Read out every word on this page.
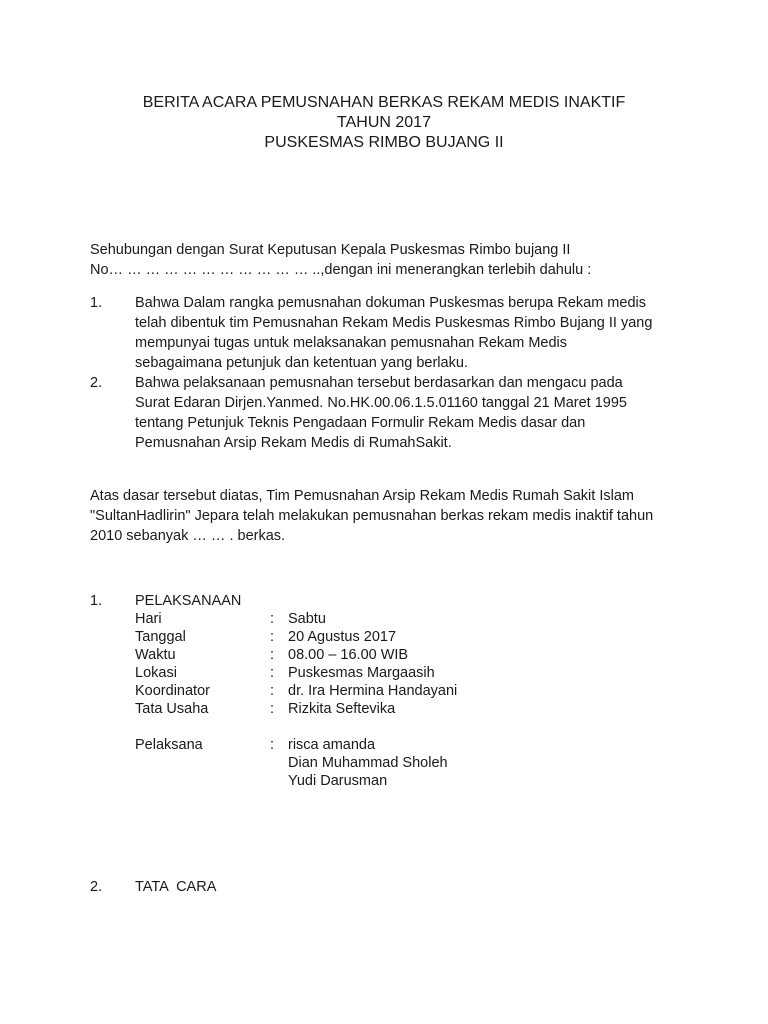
BERITA ACARA PEMUSNAHAN BERKAS REKAM MEDIS INAKTIF
TAHUN 2017
PUSKESMAS RIMBO BUJANG II
Sehubungan dengan Surat Keputusan Kepala Puskesmas Rimbo bujang II
No… … … … … … … … … … … ..,dengan ini menerangkan terlebih dahulu :
1. Bahwa Dalam rangka pemusnahan dokuman Puskesmas berupa Rekam medis
telah dibentuk tim Pemusnahan Rekam Medis Puskesmas Rimbo Bujang II yang
mempunyai tugas untuk melaksanakan pemusnahan Rekam Medis
sebagaimana petunjuk dan ketentuan yang berlaku.
2. Bahwa pelaksanaan pemusnahan tersebut berdasarkan dan mengacu pada
Surat Edaran Dirjen.Yanmed. No.HK.00.06.1.5.01160 tanggal 21 Maret 1995
tentang Petunjuk Teknis Pengadaan Formulir Rekam Medis dasar dan
Pemusnahan Arsip Rekam Medis di RumahSakit.
Atas dasar tersebut diatas, Tim Pemusnahan Arsip Rekam Medis Rumah Sakit Islam
"SultanHadlirin" Jepara telah melakukan pemusnahan berkas rekam medis inaktif tahun
2010 sebanyak … … . berkas.
1. PELAKSANAAN
Hari	: Sabtu
Tanggal	: 20 Agustus 2017
Waktu	: 08.00 – 16.00 WIB
Lokasi	: Puskesmas Margaasih
Koordinator	: dr. Ira Hermina Handayani
Tata Usaha	: Rizkita Seftevika
Pelaksana	: risca amanda
Dian Muhammad Sholeh
Yudi Darusman
2. TATA  CARA
